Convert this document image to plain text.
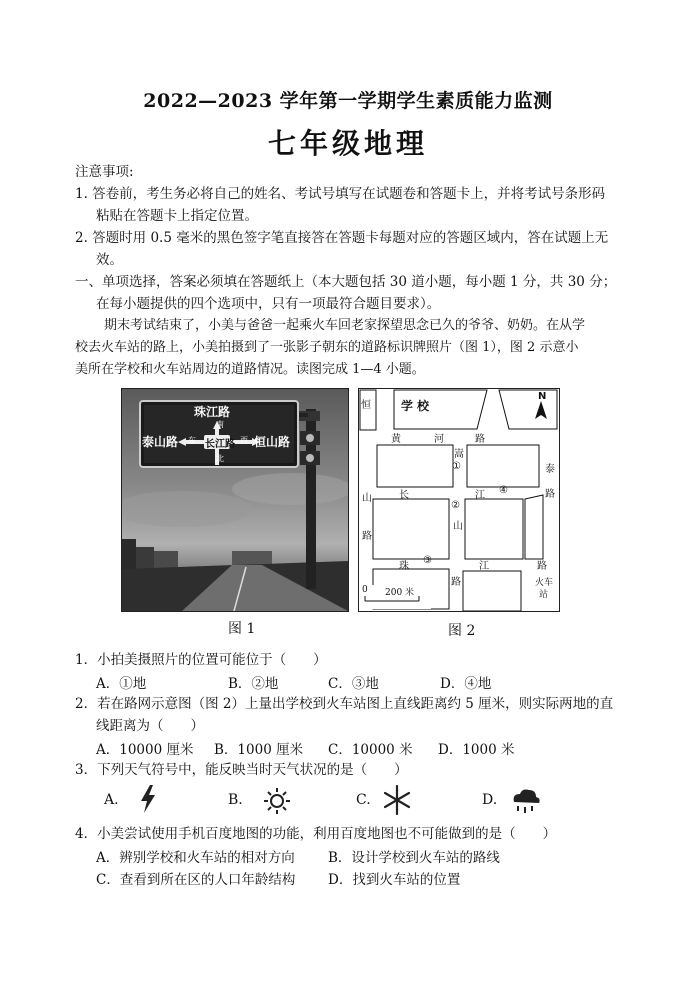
2022—2023 学年第一学期学生素质能力监测
七年级地理
注意事项:
1. 答卷前，考生务必将自己的姓名、考试号填写在试题卷和答题卡上，并将考试号条形码
粘贴在答题卡上指定位置。
2. 答题时用 0.5 毫米的黑色签字笔直接答在答题卡每题对应的答题区域内，答在试题上无
效。
一、单项选择，答案必须填在答题纸上（本大题包括 30 道小题，每小题 1 分，共 30 分；
在每小题提供的四个选项中，只有一项最符合题目要求）。
期末考试结束了，小美与爸爸一起乘火车回老家探望思念已久的爷爷、奶奶。在从学
校去火车站的路上，小美拍摄到了一张影子朝东的道路标识牌照片（图 1），图 2 示意小
美所在学校和火车站周边的道路情况。读图完成 1—4 小题。
珠江路
南
泰山路 东 长江路 西 恒山路
北
图 1
恒	学校
N
黄	河	路
嵩
泰
①
山	长	江 ④	路
②
山
路
珠
③
江	路
路	火车
站
0 200 米
图 2
1．小拍美摄照片的位置可能位于（　　）
A．①地	B．②地	C．③地	D．④地
2．若在路网示意图（图 2）上量出学校到火车站图上直线距离约 5 厘米，则实际两地的直
线距离为（　　）
A．10000 厘米 B．1000 厘米 C．10000 米 D．1000 米
3．下列天气符号中，能反映当时天气状况的是（　　）
A.	B.	C.	D.
4．小美尝试使用手机百度地图的功能，利用百度地图也不可能做到的是（　　）
A．辨别学校和火车站的相对方向 B．设计学校到火车站的路线
C．查看到所在区的人口年龄结构 D．找到火车站的位置
